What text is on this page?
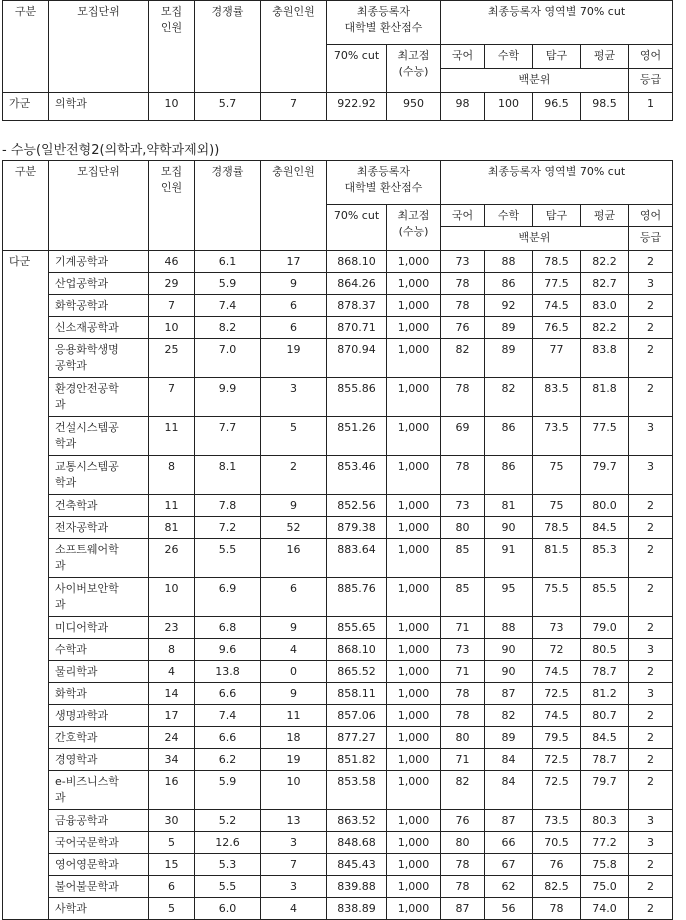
구분	모집단위	모집
인원	경쟁률	충원인원	최종등록자
대학별 환산점수		최종등록자 영역별 70% cut				
					70% cut	최고점
(수능)	국어	수학	탐구	평균	영어
							백분위				등급
가군	의학과	10	5.7	7	922.92	950	98	100	96.5	98.5	1
- 수능(일반전형2(의학과,약학과제외))
구분	모집단위	모집
인원	경쟁률	충원인원	최종등록자
대학별 환산점수		최종등록자 영역별 70% cut				
					70% cut	최고점
(수능)	국어	수학	탐구	평균	영어
							백분위				등급
다군	기계공학과	46	6.1	17	868.10	1,000	73	88	78.5	82.2	2
	산업공학과	29	5.9	9	864.26	1,000	78	86	77.5	82.7	3
	화학공학과	7	7.4	6	878.37	1,000	78	92	74.5	83.0	2
	신소재공학과	10	8.2	6	870.71	1,000	76	89	76.5	82.2	2
	응용화학생명
공학과	25	7.0	19	870.94	1,000	82	89	77	83.8	2
	환경안전공학
과	7	9.9	3	855.86	1,000	78	82	83.5	81.8	2
	건설시스템공
학과	11	7.7	5	851.26	1,000	69	86	73.5	77.5	3
	교통시스템공
학과	8	8.1	2	853.46	1,000	78	86	75	79.7	3
	건축학과	11	7.8	9	852.56	1,000	73	81	75	80.0	2
	전자공학과	81	7.2	52	879.38	1,000	80	90	78.5	84.5	2
	소프트웨어학
과	26	5.5	16	883.64	1,000	85	91	81.5	85.3	2
	사이버보안학
과	10	6.9	6	885.76	1,000	85	95	75.5	85.5	2
	미디어학과	23	6.8	9	855.65	1,000	71	88	73	79.0	2
	수학과	8	9.6	4	868.10	1,000	73	90	72	80.5	3
	물리학과	4	13.8	0	865.52	1,000	71	90	74.5	78.7	2
	화학과	14	6.6	9	858.11	1,000	78	87	72.5	81.2	3
	생명과학과	17	7.4	11	857.06	1,000	78	82	74.5	80.7	2
	간호학과	24	6.6	18	877.27	1,000	80	89	79.5	84.5	2
	경영학과	34	6.2	19	851.82	1,000	71	84	72.5	78.7	2
	e-비즈니스학
과	16	5.9	10	853.58	1,000	82	84	72.5	79.7	2
	금융공학과	30	5.2	13	863.52	1,000	76	87	73.5	80.3	3
	국어국문학과	5	12.6	3	848.68	1,000	80	66	70.5	77.2	3
	영어영문학과	15	5.3	7	845.43	1,000	78	67	76	75.8	2
	불어불문학과	6	5.5	3	839.88	1,000	78	62	82.5	75.0	2
	사학과	5	6.0	4	838.89	1,000	87	56	78	74.0	2
